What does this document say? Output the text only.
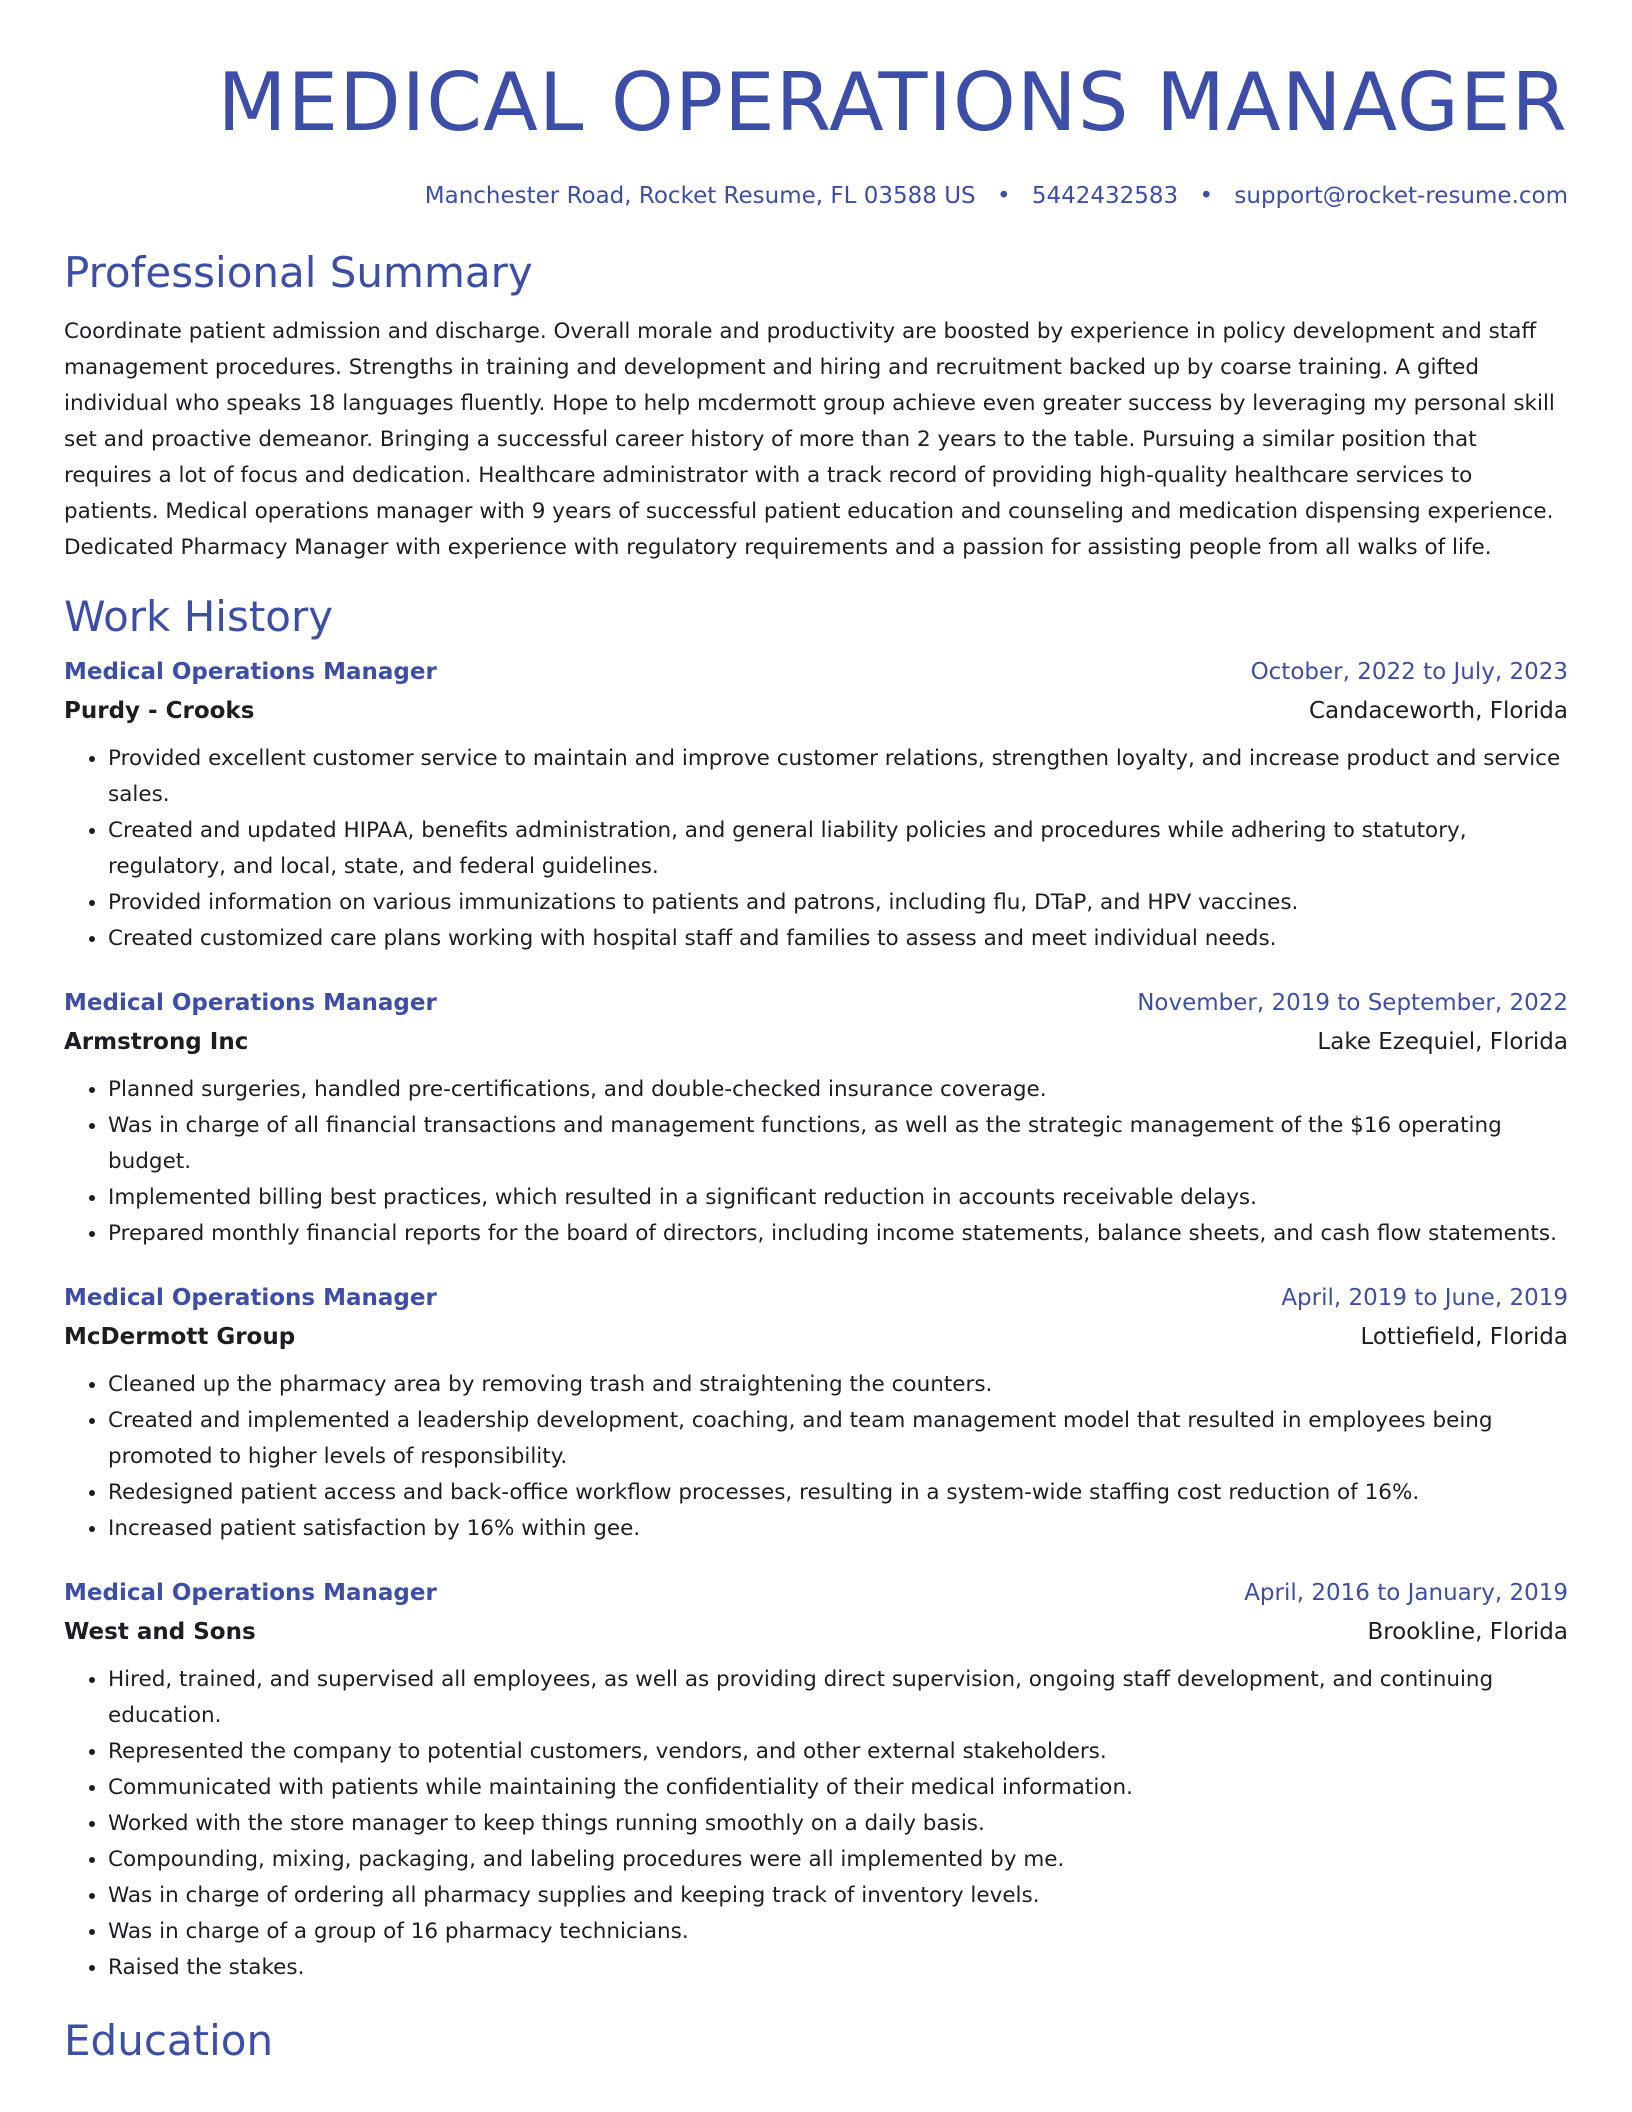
MEDICAL OPERATIONS MANAGER
Manchester Road, Rocket Resume, FL 03588 US • 5442432583 • support@rocket-resume.com
Professional Summary
Coordinate patient admission and discharge. Overall morale and productivity are boosted by experience in policy development and staff management procedures. Strengths in training and development and hiring and recruitment backed up by coarse training. A gifted individual who speaks 18 languages fluently. Hope to help mcdermott group achieve even greater success by leveraging my personal skill set and proactive demeanor. Bringing a successful career history of more than 2 years to the table. Pursuing a similar position that requires a lot of focus and dedication. Healthcare administrator with a track record of providing high-quality healthcare services to patients. Medical operations manager with 9 years of successful patient education and counseling and medication dispensing experience. Dedicated Pharmacy Manager with experience with regulatory requirements and a passion for assisting people from all walks of life.
Work History
Medical Operations Manager	October, 2022 to July, 2023
Purdy - Crooks	Candaceworth, Florida
• Provided excellent customer service to maintain and improve customer relations, strengthen loyalty, and increase product and service sales.
• Created and updated HIPAA, benefits administration, and general liability policies and procedures while adhering to statutory, regulatory, and local, state, and federal guidelines.
• Provided information on various immunizations to patients and patrons, including flu, DTaP, and HPV vaccines.
• Created customized care plans working with hospital staff and families to assess and meet individual needs.
Medical Operations Manager	November, 2019 to September, 2022
Armstrong Inc	Lake Ezequiel, Florida
• Planned surgeries, handled pre-certifications, and double-checked insurance coverage.
• Was in charge of all financial transactions and management functions, as well as the strategic management of the $16 operating budget.
• Implemented billing best practices, which resulted in a significant reduction in accounts receivable delays.
• Prepared monthly financial reports for the board of directors, including income statements, balance sheets, and cash flow statements.
Medical Operations Manager	April, 2019 to June, 2019
McDermott Group	Lottiefield, Florida
• Cleaned up the pharmacy area by removing trash and straightening the counters.
• Created and implemented a leadership development, coaching, and team management model that resulted in employees being promoted to higher levels of responsibility.
• Redesigned patient access and back-office workflow processes, resulting in a system-wide staffing cost reduction of 16%.
• Increased patient satisfaction by 16% within gee.
Medical Operations Manager	April, 2016 to January, 2019
West and Sons	Brookline, Florida
• Hired, trained, and supervised all employees, as well as providing direct supervision, ongoing staff development, and continuing education.
• Represented the company to potential customers, vendors, and other external stakeholders.
• Communicated with patients while maintaining the confidentiality of their medical information.
• Worked with the store manager to keep things running smoothly on a daily basis.
• Compounding, mixing, packaging, and labeling procedures were all implemented by me.
• Was in charge of ordering all pharmacy supplies and keeping track of inventory levels.
• Was in charge of a group of 16 pharmacy technicians.
• Raised the stakes.
Education
